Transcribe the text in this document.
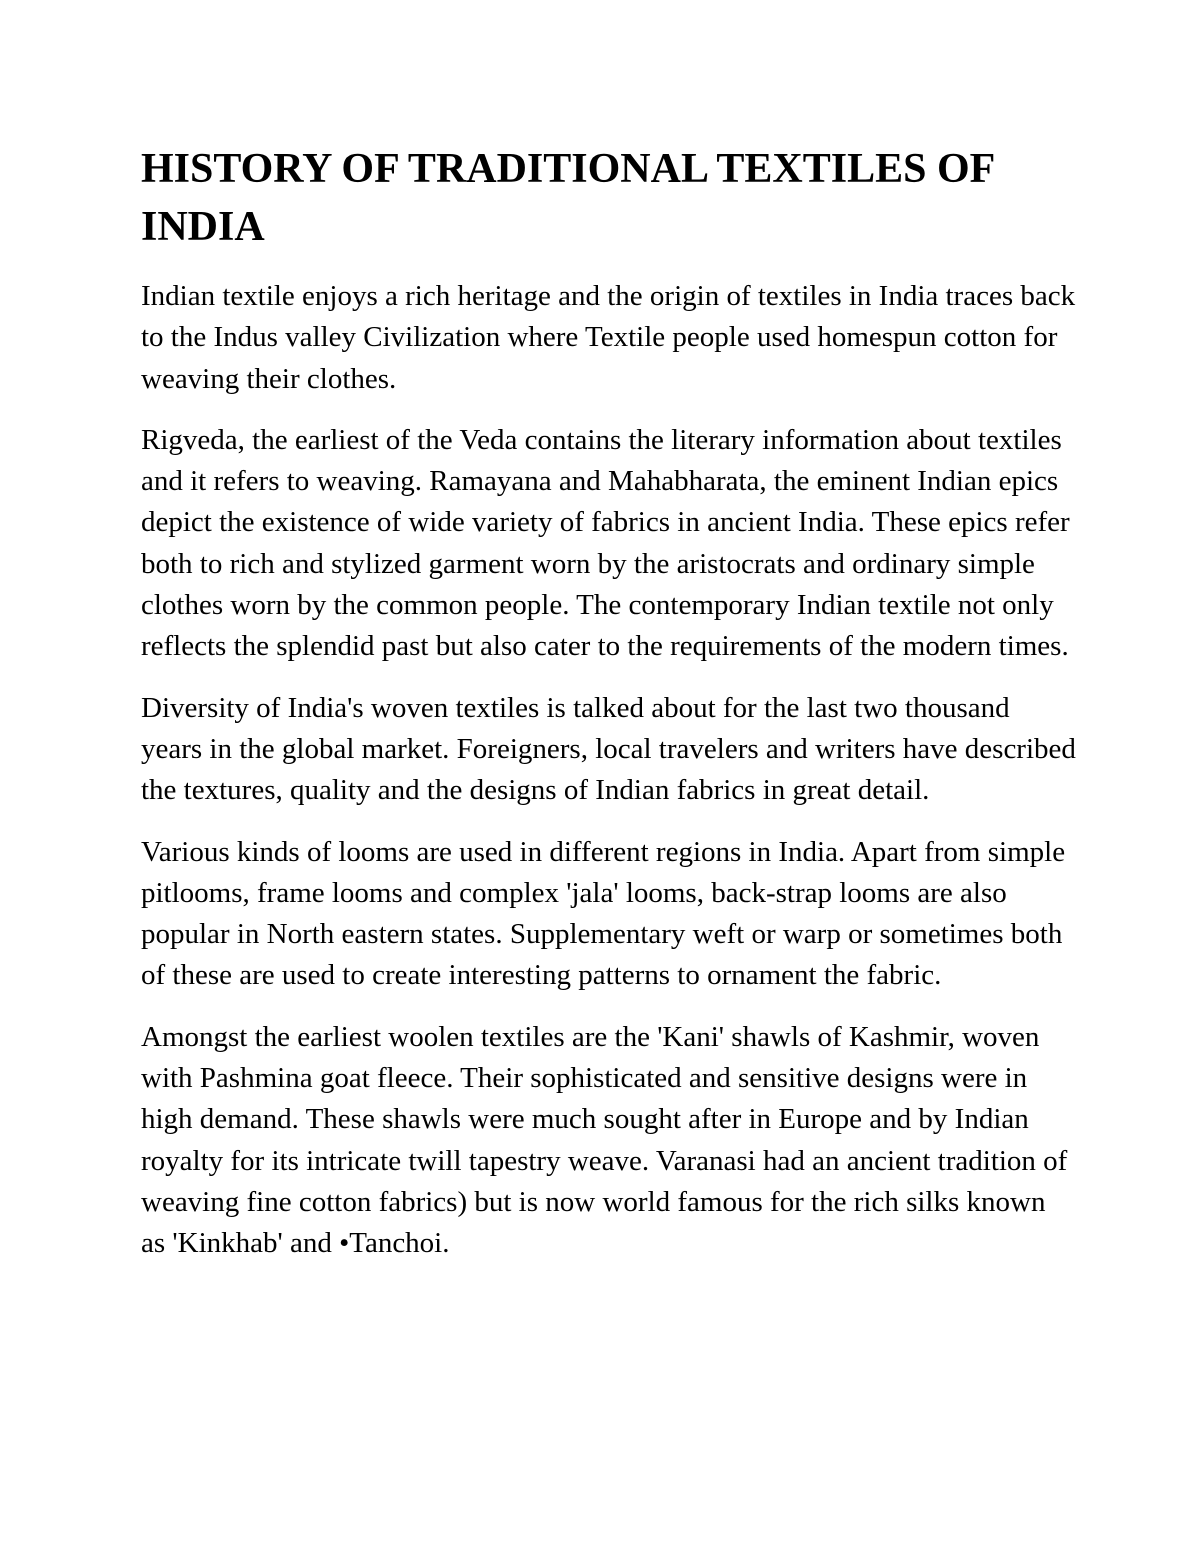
HISTORY OF TRADITIONAL TEXTILES OF INDIA

Indian textile enjoys a rich heritage and the origin of textiles in India traces back to the Indus valley Civilization where Textile people used homespun cotton for weaving their clothes.

Rigveda, the earliest of the Veda contains the literary information about textiles and it refers to weaving. Ramayana and Mahabharata, the eminent Indian epics depict the existence of wide variety of fabrics in ancient India. These epics refer both to rich and stylized garment worn by the aristocrats and ordinary simple clothes worn by the common people. The contemporary Indian textile not only reflects the splendid past but also cater to the requirements of the modern times.

Diversity of India's woven textiles is talked about for the last two thousand years in the global market. Foreigners, local travelers and writers have described the textures, quality and the designs of Indian fabrics in great detail.

Various kinds of looms are used in different regions in India. Apart from simple pitlooms, frame looms and complex 'jala' looms, back-strap looms are also popular in North eastern states. Supplementary weft or warp or sometimes both of these are used to create interesting patterns to ornament the fabric.

Amongst the earliest woolen textiles are the 'Kani' shawls of Kashmir, woven with Pashmina goat fleece. Their sophisticated and sensitive designs were in high demand. These shawls were much sought after in Europe and by Indian royalty for its intricate twill tapestry weave. Varanasi had an ancient tradition of weaving fine cotton fabrics) but is now world famous for the rich silks known as 'Kinkhab' and •Tanchoi.
